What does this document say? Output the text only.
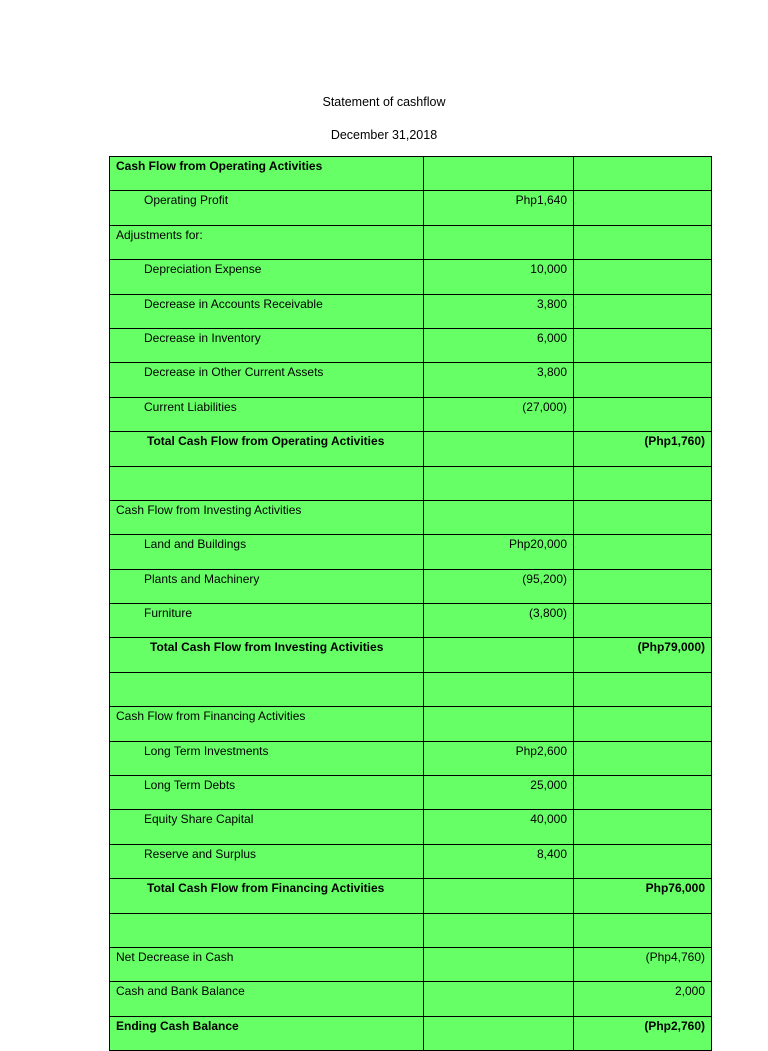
Statement of cashflow
December 31,2018
Cash Flow from Operating Activities		
Operating Profit	Php1,640	
Adjustments for:		
Depreciation Expense	10,000	
Decrease in Accounts Receivable	3,800	
Decrease in Inventory	6,000	
Decrease in Other Current Assets	3,800	
Current Liabilities	(27,000)	
Total Cash Flow from Operating Activities		(Php1,760)

Cash Flow from Investing Activities		
Land and Buildings	Php20,000	
Plants and Machinery	(95,200)	
Furniture	(3,800)	
Total Cash Flow from Investing Activities		(Php79,000)

Cash Flow from Financing Activities		
Long Term Investments	Php2,600	
Long Term Debts	25,000	
Equity Share Capital	40,000	
Reserve and Surplus	8,400	
Total Cash Flow from Financing Activities		Php76,000

Net Decrease in Cash		(Php4,760)
Cash and Bank Balance		2,000
Ending Cash Balance		(Php2,760)
